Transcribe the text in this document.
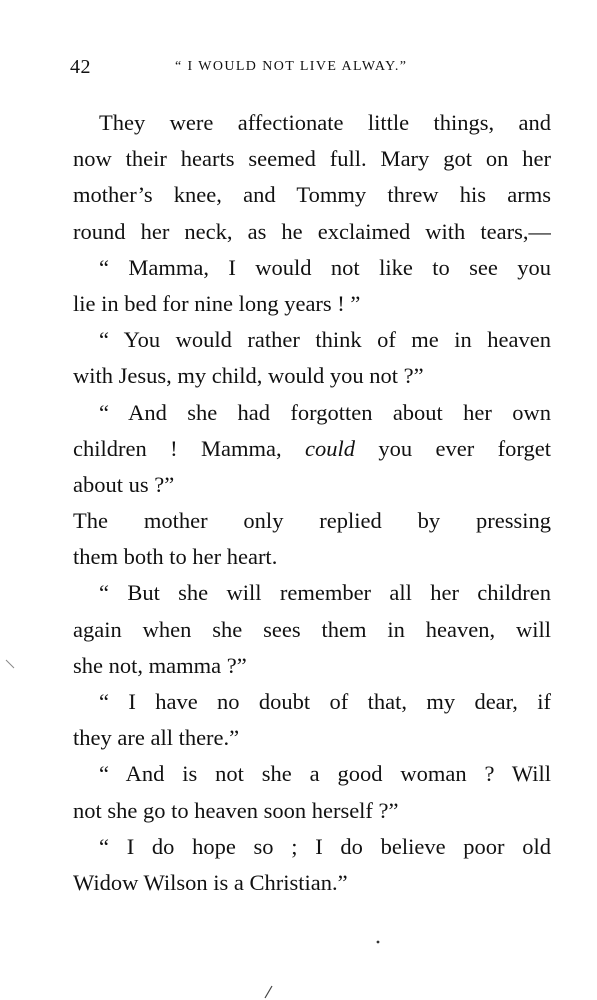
42	“ I WOULD NOT LIVE ALWAY.”
They were affectionate little things, and
now their hearts seemed full. Mary got on her
mother’s knee, and Tommy threw his arms
round her neck, as he exclaimed with tears,—
“ Mamma, I would not like to see you
lie in bed for nine long years ! ”
“ You would rather think of me in heaven
with Jesus, my child, would you not ?”
“ And she had forgotten about her own
children ! Mamma, could you ever forget
about us ?”
The mother only replied by pressing
them both to her heart.
“ But she will remember all her children
again when she sees them in heaven, will
she not, mamma ?”
“ I have no doubt of that, my dear, if
they are all there.”
“ And is not she a good woman ? Will
not she go to heaven soon herself ?”
“ I do hope so ; I do believe poor old
Widow Wilson is a Christian.”
